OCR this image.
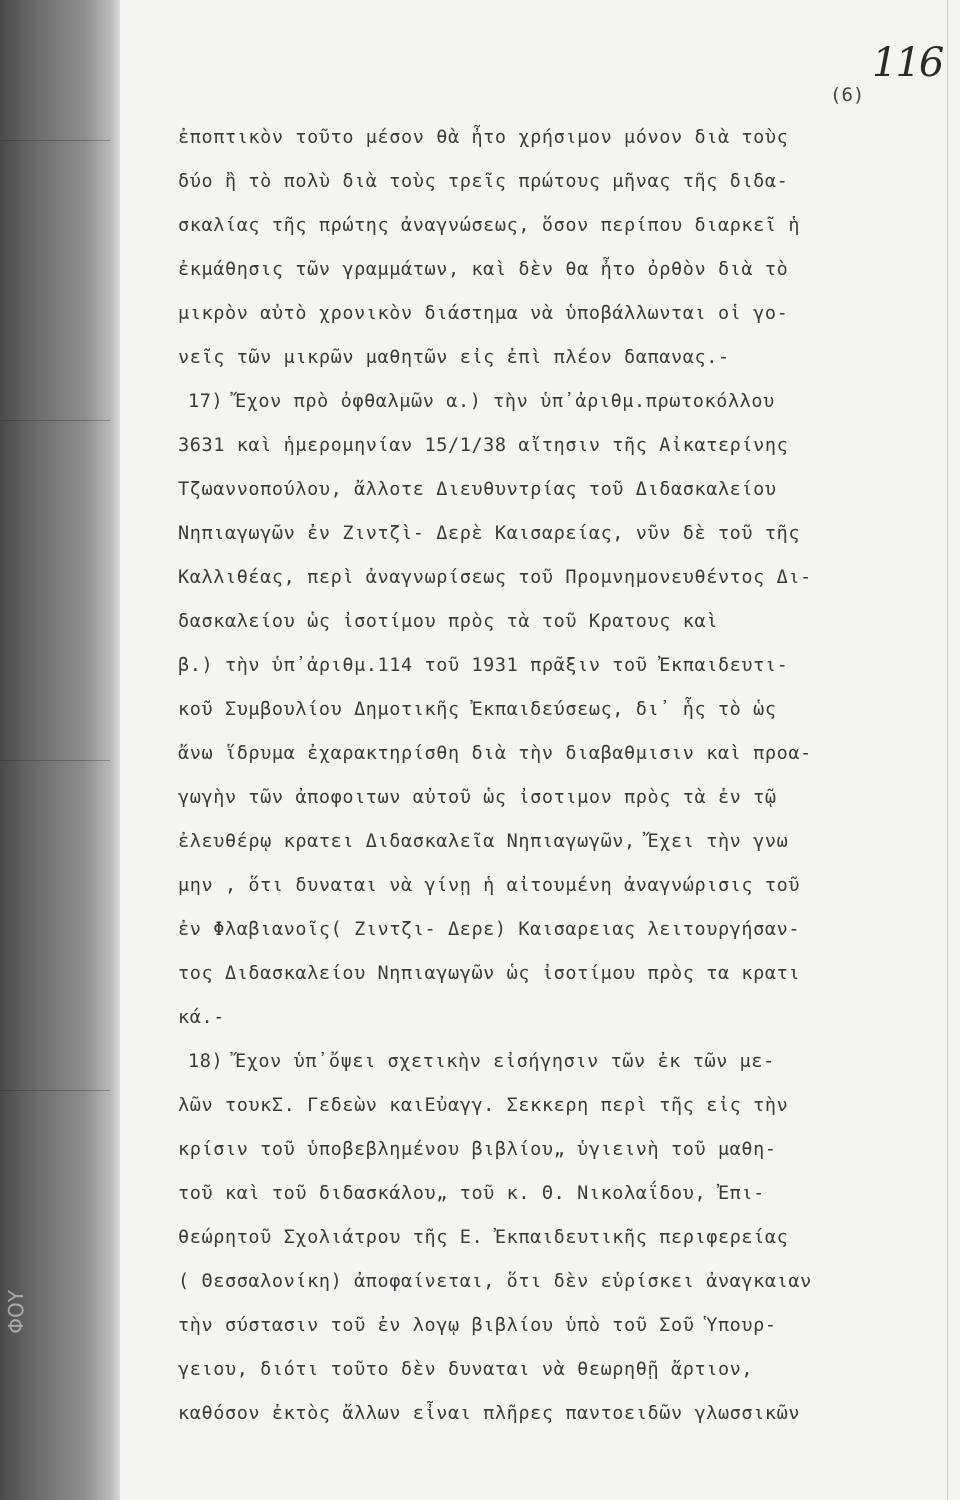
ΦΟΥ
116
(6)
ἐποπτικὸν τοῦτο μέσον θὰ ἦτο χρήσιμον μόνον διὰ τοὺς
δύο ἢ τὸ πολὺ διὰ τοὺς τρεῖς πρώτους μῆνας τῆς διδα-
σκαλίας τῆς πρώτης ἀναγνώσεως, ὅσον περίπου διαρκεῖ ἡ
ἐκμάθησις τῶν γραμμάτων, καὶ δὲν θα ἦτο ὀρθὸν διὰ τὸ
μικρὸν αὐτὸ χρονικὸν διάστημα νὰ ὑποβάλλωνται οἱ γο-
νεῖς τῶν μικρῶν μαθητῶν εἰς ἐπὶ πλέον δαπανας.-
17) Ἔχον πρὸ ὀφθαλμῶν α.) τὴν ὑπ᾽ἀριθμ.πρωτοκόλλου
3631 καὶ ἡμερομηνίαν 15/1/38 αἴτησιν τῆς Αἰκατερίνης
Τζωαννοπούλου, ἄλλοτε Διευθυντρίας τοῦ Διδασκαλείου
Νηπιαγωγῶν ἐν Ζιντζὶ- Δερὲ Καισαρείας, νῦν δὲ τοῦ τῆς
Καλλιθέας, περὶ ἀναγνωρίσεως τοῦ Προμνημονευθέντος Δι-
δασκαλείου ὡς ἰσοτίμου πρὸς τὰ τοῦ Κρατους καὶ
β.) τὴν ὑπ᾽ἀριθμ.114 τοῦ 1931 πρᾶξιν τοῦ Ἐκπαιδευτι-
κοῦ Συμβουλίου Δημοτικῆς Ἐκπαιδεύσεως, δι᾽ ἧς τὸ ὡς
ἄνω ἵδρυμα ἐχαρακτηρίσθη διὰ τὴν διαβαθμισιν καὶ προα-
γωγὴν τῶν ἀποφοιτων αὐτοῦ ὡς ἰσοτιμον πρὸς τὰ ἐν τῷ
ἐλευθέρῳ κρατει Διδασκαλεῖα Νηπιαγωγῶν, Ἔχει τὴν γνω
μην , ὅτι δυναται νὰ γίνῃ ἡ αἰτουμένη ἀναγνώρισις τοῦ
ἐν Φλαβιανοῖς( Ζιντζι- Δερε) Καισαρειας λειτουργήσαν-
τος Διδασκαλείου Νηπιαγωγῶν ὡς ἰσοτίμου πρὸς τα κρατι
κά.-
18) Ἔχον ὑπ᾽ὄψει σχετικὴν εἰσήγησιν τῶν ἐκ τῶν με-
λῶν τουκΣ. Γεδεὼν καιΕὐαγγ. Σεκκερη περὶ τῆς εἰς τὴν
κρίσιν τοῦ ὑποβεβλημένου βιβλίου„ ὑγιεινὴ τοῦ μαθη-
τοῦ καὶ τοῦ διδασκάλου„ τοῦ κ. Θ. Νικολαΐδου, Ἐπι-
θεώρητοῦ Σχολιάτρου τῆς Ε. Ἐκπαιδευτικῆς περιφερείας
( Θεσσαλονίκη) ἀποφαίνεται, ὅτι δὲν εὑρίσκει ἀναγκαιαν
τὴν σύστασιν τοῦ ἐν λογῳ βιβλίου ὑπὸ τοῦ Σοῦ Ὑπουρ-
γειου, διότι τοῦτο δὲν δυναται νὰ θεωρηθῇ ἄρτιον,
καθόσον ἐκτὸς ἄλλων εἶναι πλῆρες παντοειδῶν γλωσσικῶν
